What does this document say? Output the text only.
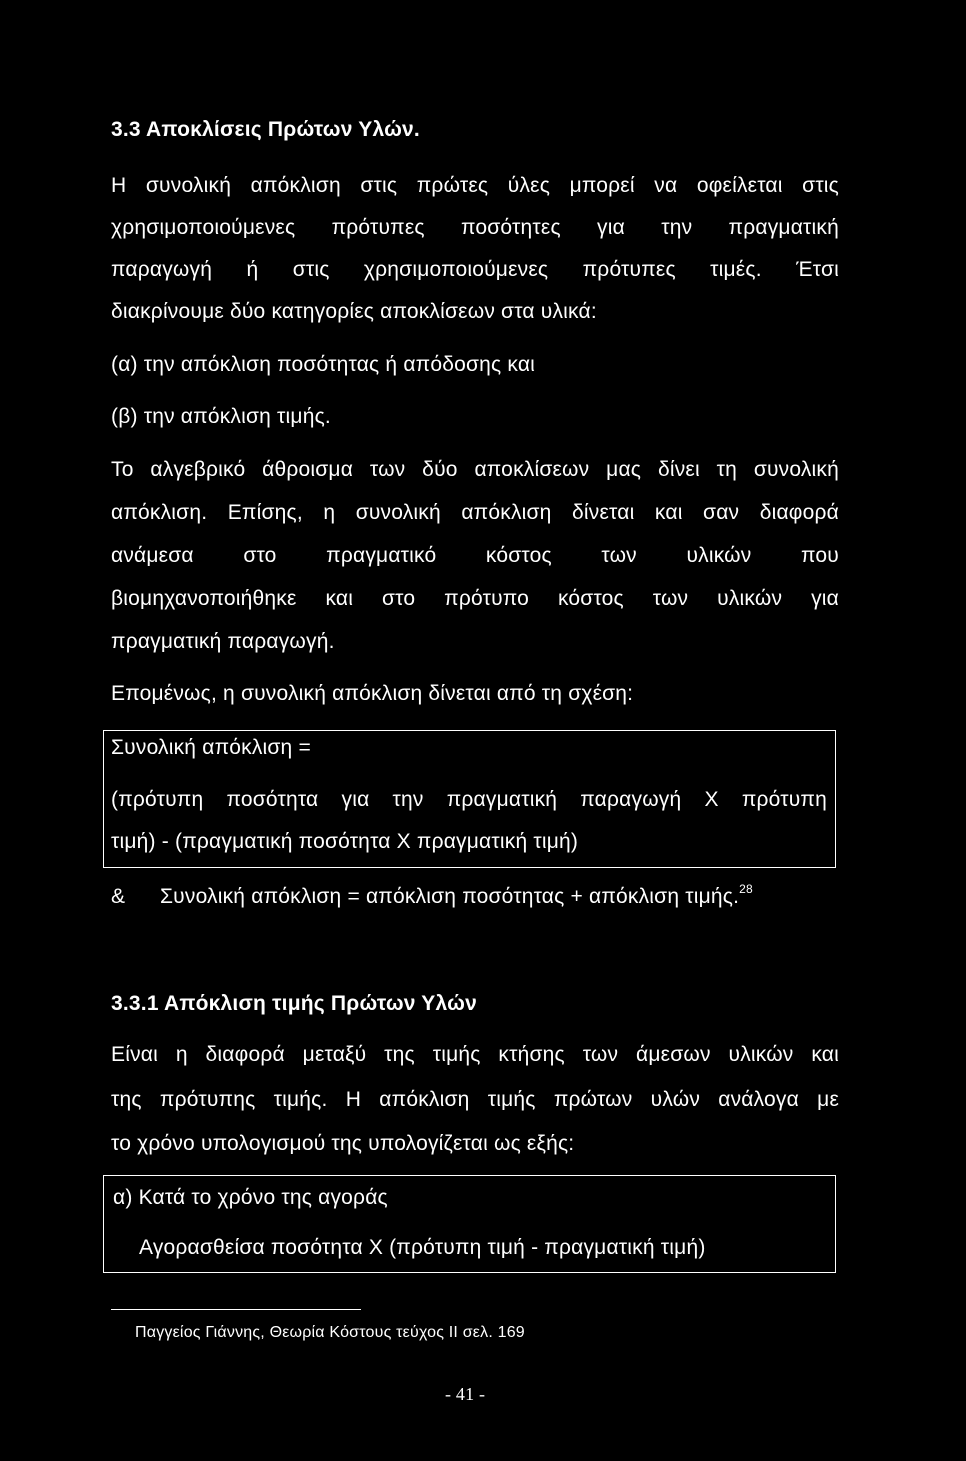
3.3 Αποκλίσεις Πρώτων Υλών.
Η συνολική απόκλιση στις πρώτες ύλες μπορεί να οφείλεται στις
χρησιμοποιούμενες πρότυπες ποσότητες για την πραγματική
παραγωγή ή στις χρησιμοποιούμενες πρότυπες τιμές. Έτσι
διακρίνουμε δύο κατηγορίες αποκλίσεων στα υλικά:
(α) την απόκλιση ποσότητας ή απόδοσης και
(β) την απόκλιση τιμής.
Το αλγεβρικό άθροισμα των δύο αποκλίσεων μας δίνει τη συνολική
απόκλιση. Επίσης, η συνολική απόκλιση δίνεται και σαν διαφορά
ανάμεσα στο πραγματικό κόστος των υλικών που
βιομηχανοποιήθηκε και στο πρότυπο κόστος των υλικών για
πραγματική παραγωγή.
Επομένως, η συνολική απόκλιση δίνεται από τη σχέση:
Συνολική απόκλιση =
(πρότυπη ποσότητα για την πραγματική παραγωγή Χ πρότυπη
τιμή) - (πραγματική ποσότητα Χ πραγματική τιμή)
& Συνολική απόκλιση = απόκλιση ποσότητας + απόκλιση τιμής.$^{28}$
3.3.1 Απόκλιση τιμής Πρώτων Υλών
Είναι η διαφορά μεταξύ της τιμής κτήσης των άμεσων υλικών και
της πρότυπης τιμής. Η απόκλιση τιμής πρώτων υλών ανάλογα με
το χρόνο υπολογισμού της υπολογίζεται ως εξής:
α) Κατά το χρόνο της αγοράς
Αγορασθείσα ποσότητα Χ (πρότυπη τιμή - πραγματική τιμή)
Παγγείος Γιάννης, Θεωρία Κόστους τεύχος ΙΙ σελ. 169
- 41 -
